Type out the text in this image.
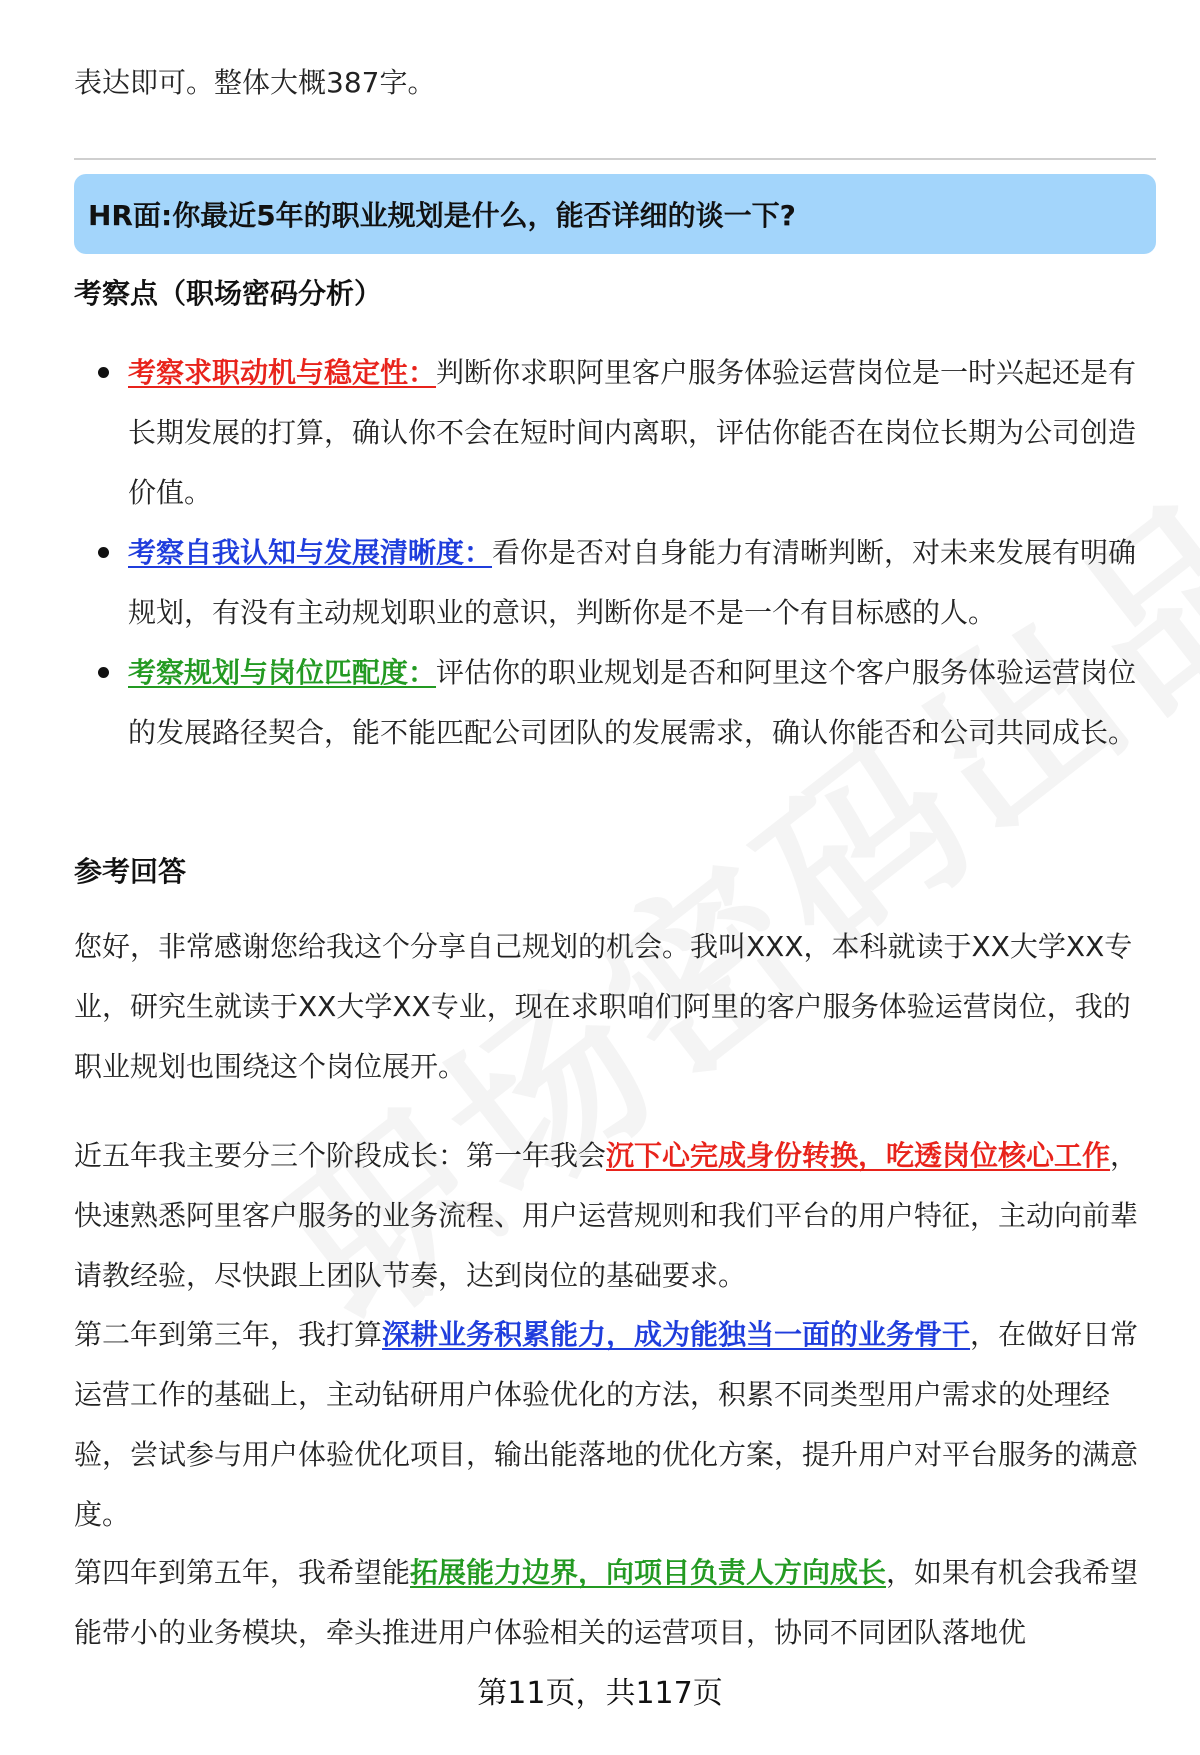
表达即可。整体大概387字。
HR面:你最近5年的职业规划是什么，能否详细的谈一下?
考察点（职场密码分析）
考察求职动机与稳定性：判断你求职阿里客户服务体验运营岗位是一时兴起还是有长期发展的打算，确认你不会在短时间内离职，评估你能否在岗位长期为公司创造价值。
考察自我认知与发展清晰度：看你是否对自身能力有清晰判断，对未来发展有明确规划，有没有主动规划职业的意识，判断你是不是一个有目标感的人。
考察规划与岗位匹配度：评估你的职业规划是否和阿里这个客户服务体验运营岗位的发展路径契合，能不能匹配公司团队的发展需求，确认你能否和公司共同成长。
参考回答

您好，非常感谢您给我这个分享自己规划的机会。我叫XXX，本科就读于XX大学XX专业，研究生就读于XX大学XX专业，现在求职咱们阿里的客户服务体验运营岗位，我的职业规划也围绕这个岗位展开。

近五年我主要分三个阶段成长：第一年我会沉下心完成身份转换，吃透岗位核心工作，快速熟悉阿里客户服务的业务流程、用户运营规则和我们平台的用户特征，主动向前辈请教经验，尽快跟上团队节奏，达到岗位的基础要求。

第二年到第三年，我打算深耕业务积累能力，成为能独当一面的业务骨干，在做好日常运营工作的基础上，主动钻研用户体验优化的方法，积累不同类型用户需求的处理经验，尝试参与用户体验优化项目，输出能落地的优化方案，提升用户对平台服务的满意度。

第四年到第五年，我希望能拓展能力边界，向项目负责人方向成长，如果有机会我希望能带小的业务模块，牵头推进用户体验相关的运营项目，协同不同团队落地优

第11页，共117页
